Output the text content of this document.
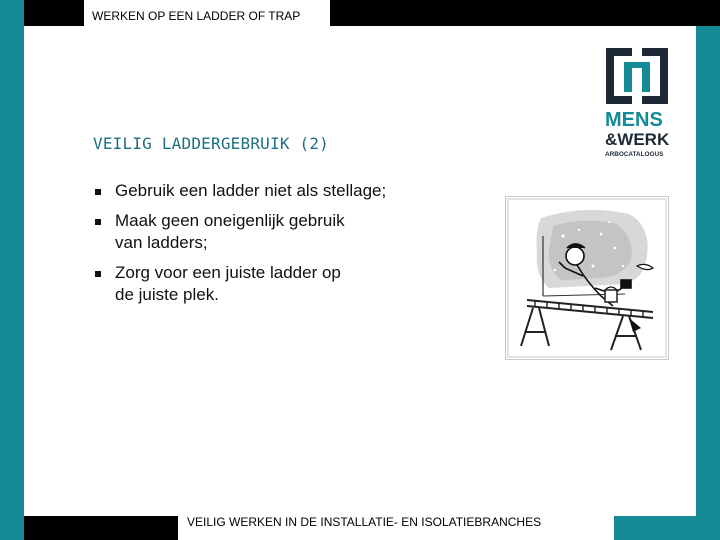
WERKEN OP EEN LADDER OF TRAP
VEILIG WERKEN IN DE INSTALLATIE- EN ISOLATIEBRANCHES
VEILIG LADDERGEBRUIK (2)
MENS
&WERK
ARBOCATALOGUS
Gebruik een ladder niet als stellage;
Maak geen oneigenlijk gebruik
van ladders;
Zorg voor een juiste ladder op
de juiste plek.
